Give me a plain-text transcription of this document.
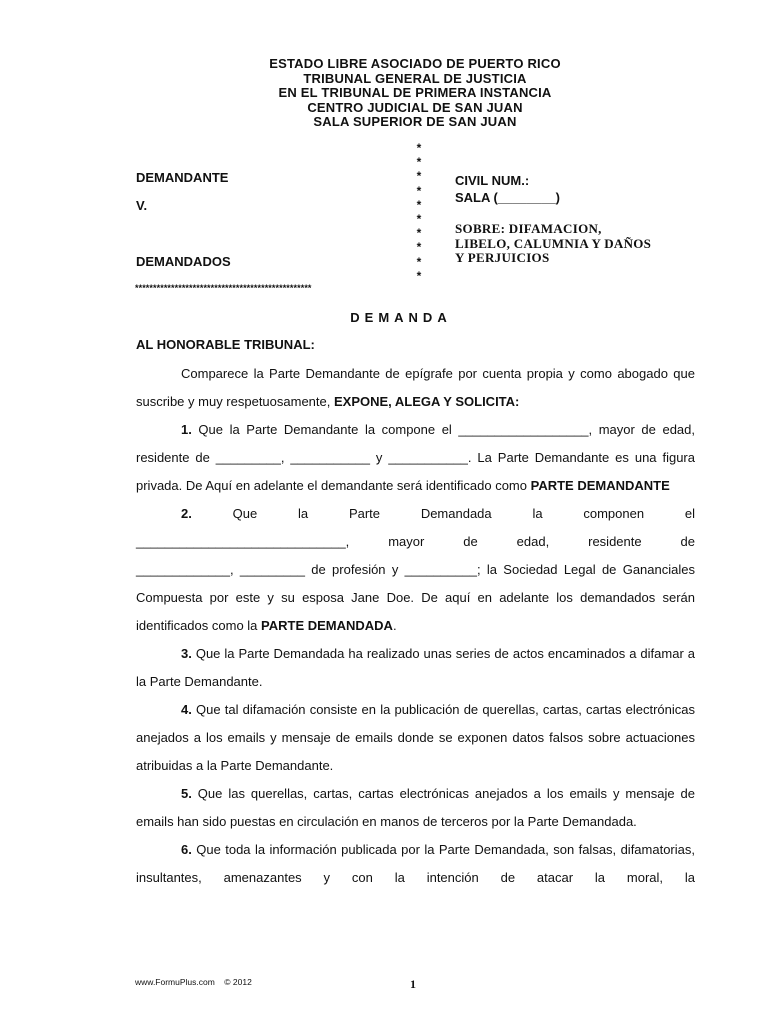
ESTADO LIBRE ASOCIADO DE PUERTO RICO
TRIBUNAL GENERAL DE JUSTICIA
EN EL TRIBUNAL DE PRIMERA INSTANCIA
CENTRO JUDICIAL DE SAN JUAN
SALA SUPERIOR DE SAN JUAN
DEMANDANTE
V.
DEMANDADOS
*
*
*
*
*
*
*
*
*
*
CIVIL NUM.:
SALA (________)
SOBRE: DIFAMACION,
LIBELO, CALUMNIA Y DAÑOS
Y PERJUICIOS
*************************************************
DEMANDA
AL HONORABLE TRIBUNAL:

Comparece la Parte Demandante de epígrafe por cuenta propia y como abogado que suscribe y muy respetuosamente, EXPONE, ALEGA Y SOLICITA:

1. Que la Parte Demandante la compone el __________________, mayor de edad, residente de _________, ___________ y ___________. La Parte Demandante es una figura privada. De Aquí en adelante el demandante será identificado como PARTE DEMANDANTE

2.	Que la Parte Demandada la componen el

_____________________________, mayor de edad, residente de

_____________, _________ de profesión y __________; la Sociedad Legal de Gananciales Compuesta por este y su esposa Jane Doe. De aquí en adelante los demandados serán identificados como la PARTE DEMANDADA.

3. Que la Parte Demandada ha realizado unas series de actos encaminados a difamar a la Parte Demandante.

4. Que tal difamación consiste en la publicación de querellas, cartas, cartas electrónicas anejados a los emails y mensaje de emails donde se exponen datos falsos sobre actuaciones atribuidas a la Parte Demandante.

5. Que las querellas, cartas, cartas electrónicas anejados a los emails y mensaje de emails han sido puestas en circulación en manos de terceros por la Parte Demandada.

6. Que toda la información publicada por la Parte Demandada, son falsas, difamatorias, insultantes, amenazantes y con la intención de atacar la moral, la

www.FormuPlus.com © 2012	1
